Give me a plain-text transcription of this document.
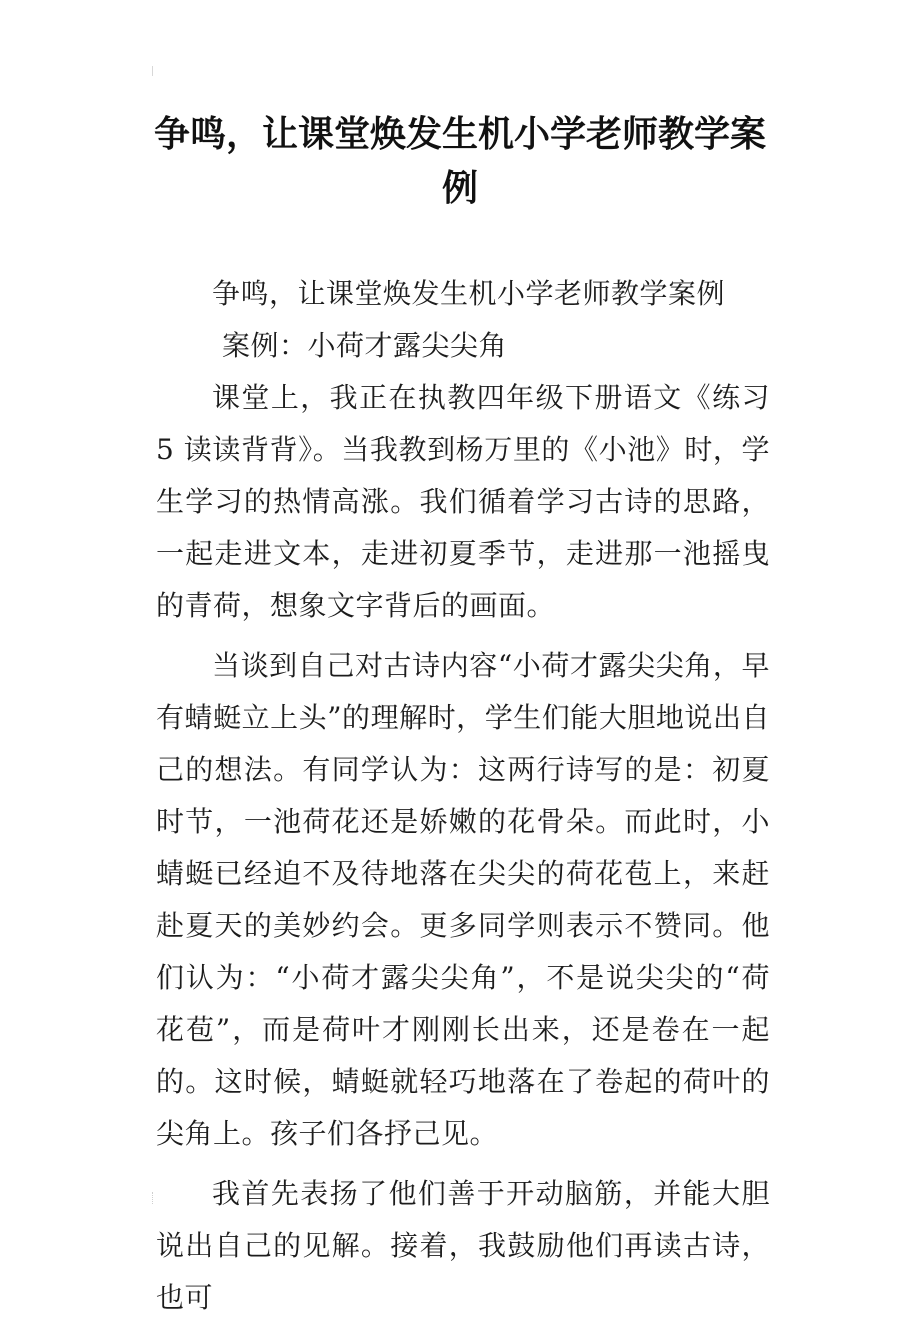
争鸣，让课堂焕发生机小学老师教学案例

争鸣，让课堂焕发生机小学老师教学案例

案例：小荷才露尖尖角

课堂上，我正在执教四年级下册语文《练习 5 读读背背》。当我教到杨万里的《小池》时，学生学习的热情高涨。我们循着学习古诗的思路，一起走进文本，走进初夏季节，走进那一池摇曳的青荷，想象文字背后的画面。

当谈到自己对古诗内容“小荷才露尖尖角，早有蜻蜓立上头”的理解时，学生们能大胆地说出自己的想法。有同学认为：这两行诗写的是：初夏时节，一池荷花还是娇嫩的花骨朵。而此时，小蜻蜓已经迫不及待地落在尖尖的荷花苞上，来赶赴夏天的美妙约会。更多同学则表示不赞同。他们认为：“小荷才露尖尖角”，不是说尖尖的“荷花苞”，而是荷叶才刚刚长出来，还是卷在一起的。这时候，蜻蜓就轻巧地落在了卷起的荷叶的尖角上。孩子们各抒己见。

我首先表扬了他们善于开动脑筋，并能大胆说出自己的见解。接着，我鼓励他们再读古诗，也可
